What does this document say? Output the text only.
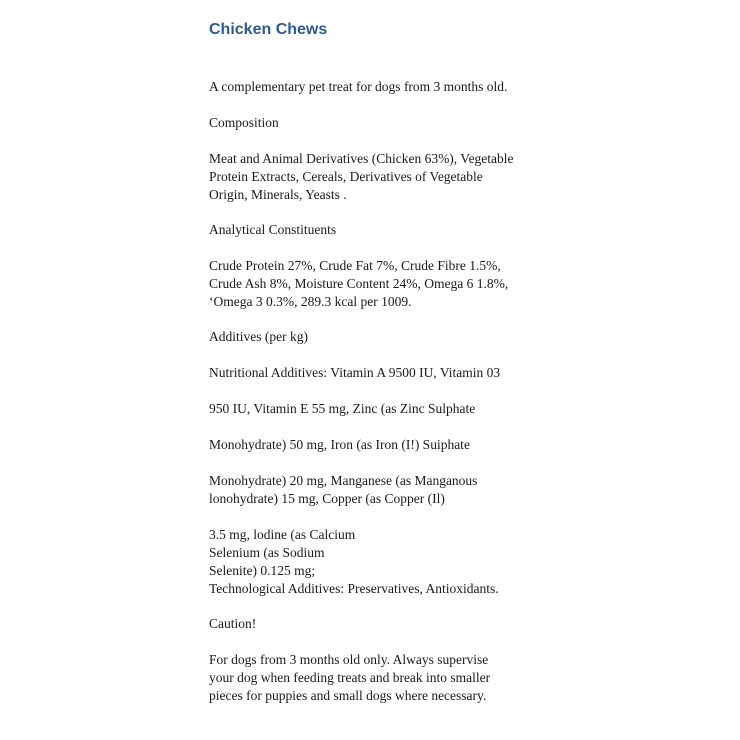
Chicken Chews

A complementary pet treat for dogs from 3 months old.

Composition

Meat and Animal Derivatives (Chicken 63%), Vegetable
Protein Extracts, Cereals, Derivatives of Vegetable
Origin, Minerals, Yeasts .

Analytical Constituents

Crude Protein 27%, Crude Fat 7%, Crude Fibre 1.5%,
Crude Ash 8%, Moisture Content 24%, Omega 6 1.8%,
‘Omega 3 0.3%, 289.3 kcal per 1009.

Additives (per kg)

Nutritional Additives: Vitamin A 9500 IU, Vitamin 03

950 IU, Vitamin E 55 mg, Zinc (as Zinc Sulphate

Monohydrate) 50 mg, Iron (as Iron (I!) Suiphate

Monohydrate) 20 mg, Manganese (as Manganous
lonohydrate) 15 mg, Copper (as Copper (Il)

3.5 mg, lodine (as Calcium
Selenium (as Sodium
Selenite) 0.125 mg;
Technological Additives: Preservatives, Antioxidants.

Caution!

For dogs from 3 months old only. Always supervise
your dog when feeding treats and break into smaller
pieces for puppies and small dogs where necessary.
